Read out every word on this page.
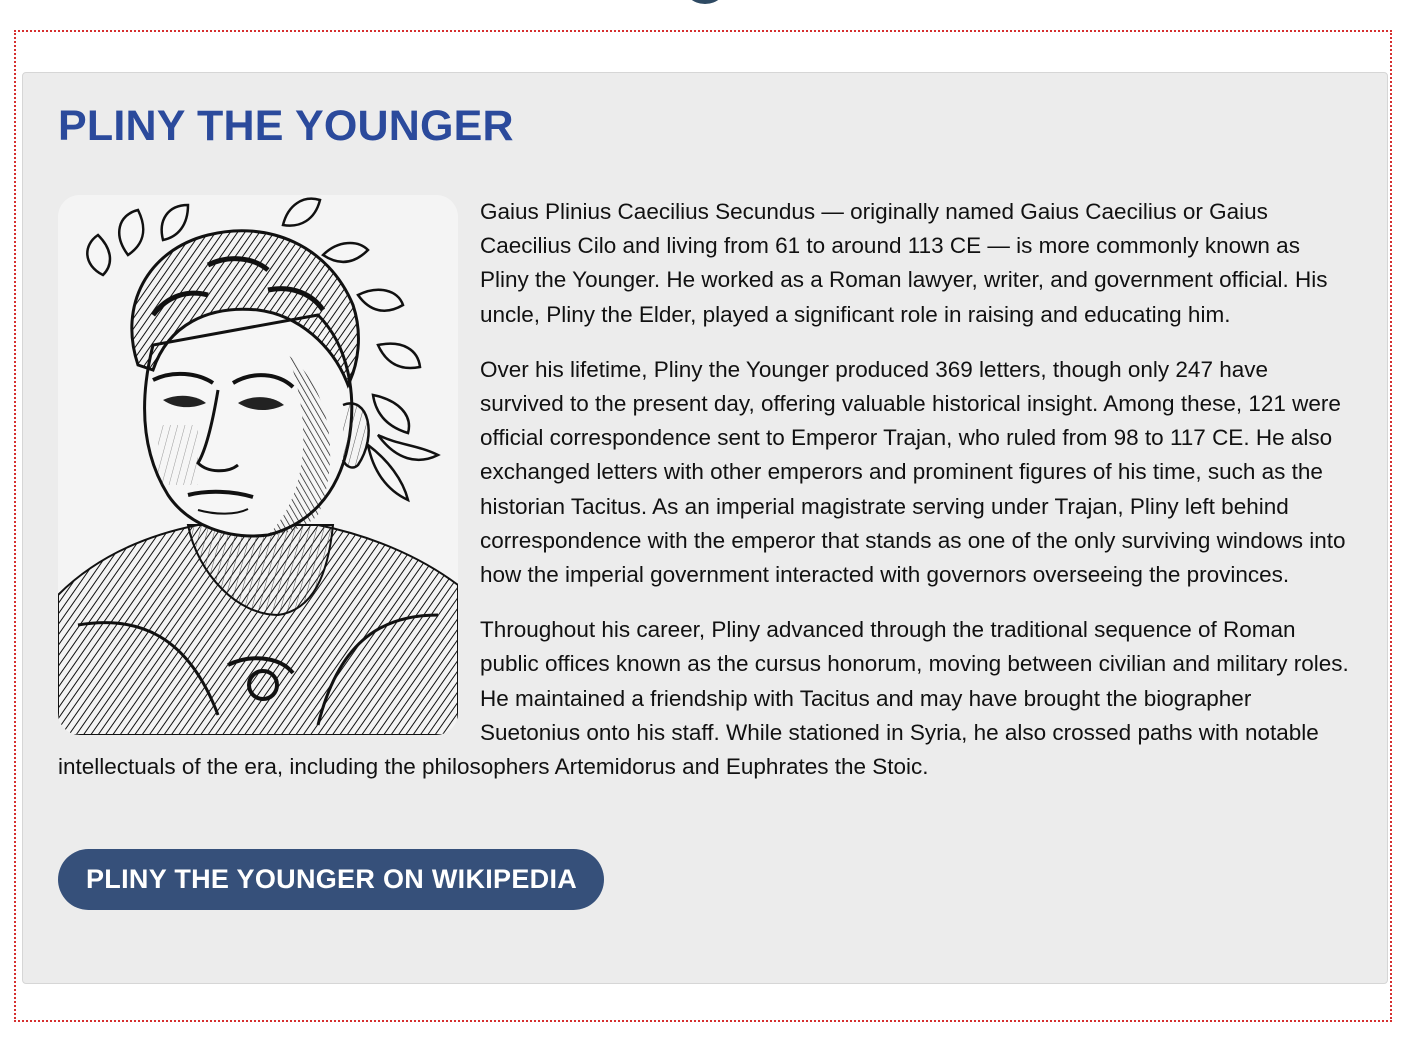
PLINY THE YOUNGER

Gaius Plinius Caecilius Secundus — originally named Gaius Caecilius or Gaius Caecilius Cilo and living from 61 to around 113 CE — is more commonly known as Pliny the Younger. He worked as a Roman lawyer, writer, and government official. His uncle, Pliny the Elder, played a significant role in raising and educating him.

Over his lifetime, Pliny the Younger produced 369 letters, though only 247 have survived to the present day, offering valuable historical insight. Among these, 121 were official correspondence sent to Emperor Trajan, who ruled from 98 to 117 CE. He also exchanged letters with other emperors and prominent figures of his time, such as the historian Tacitus. As an imperial magistrate serving under Trajan, Pliny left behind correspondence with the emperor that stands as one of the only surviving windows into how the imperial government interacted with governors overseeing the provinces.

Throughout his career, Pliny advanced through the traditional sequence of Roman public offices known as the cursus honorum, moving between civilian and military roles. He maintained a friendship with Tacitus and may have brought the biographer Suetonius onto his staff. While stationed in Syria, he also crossed paths with notable intellectuals of the era, including the philosophers Artemidorus and Euphrates the Stoic.

PLINY THE YOUNGER ON WIKIPEDIA
